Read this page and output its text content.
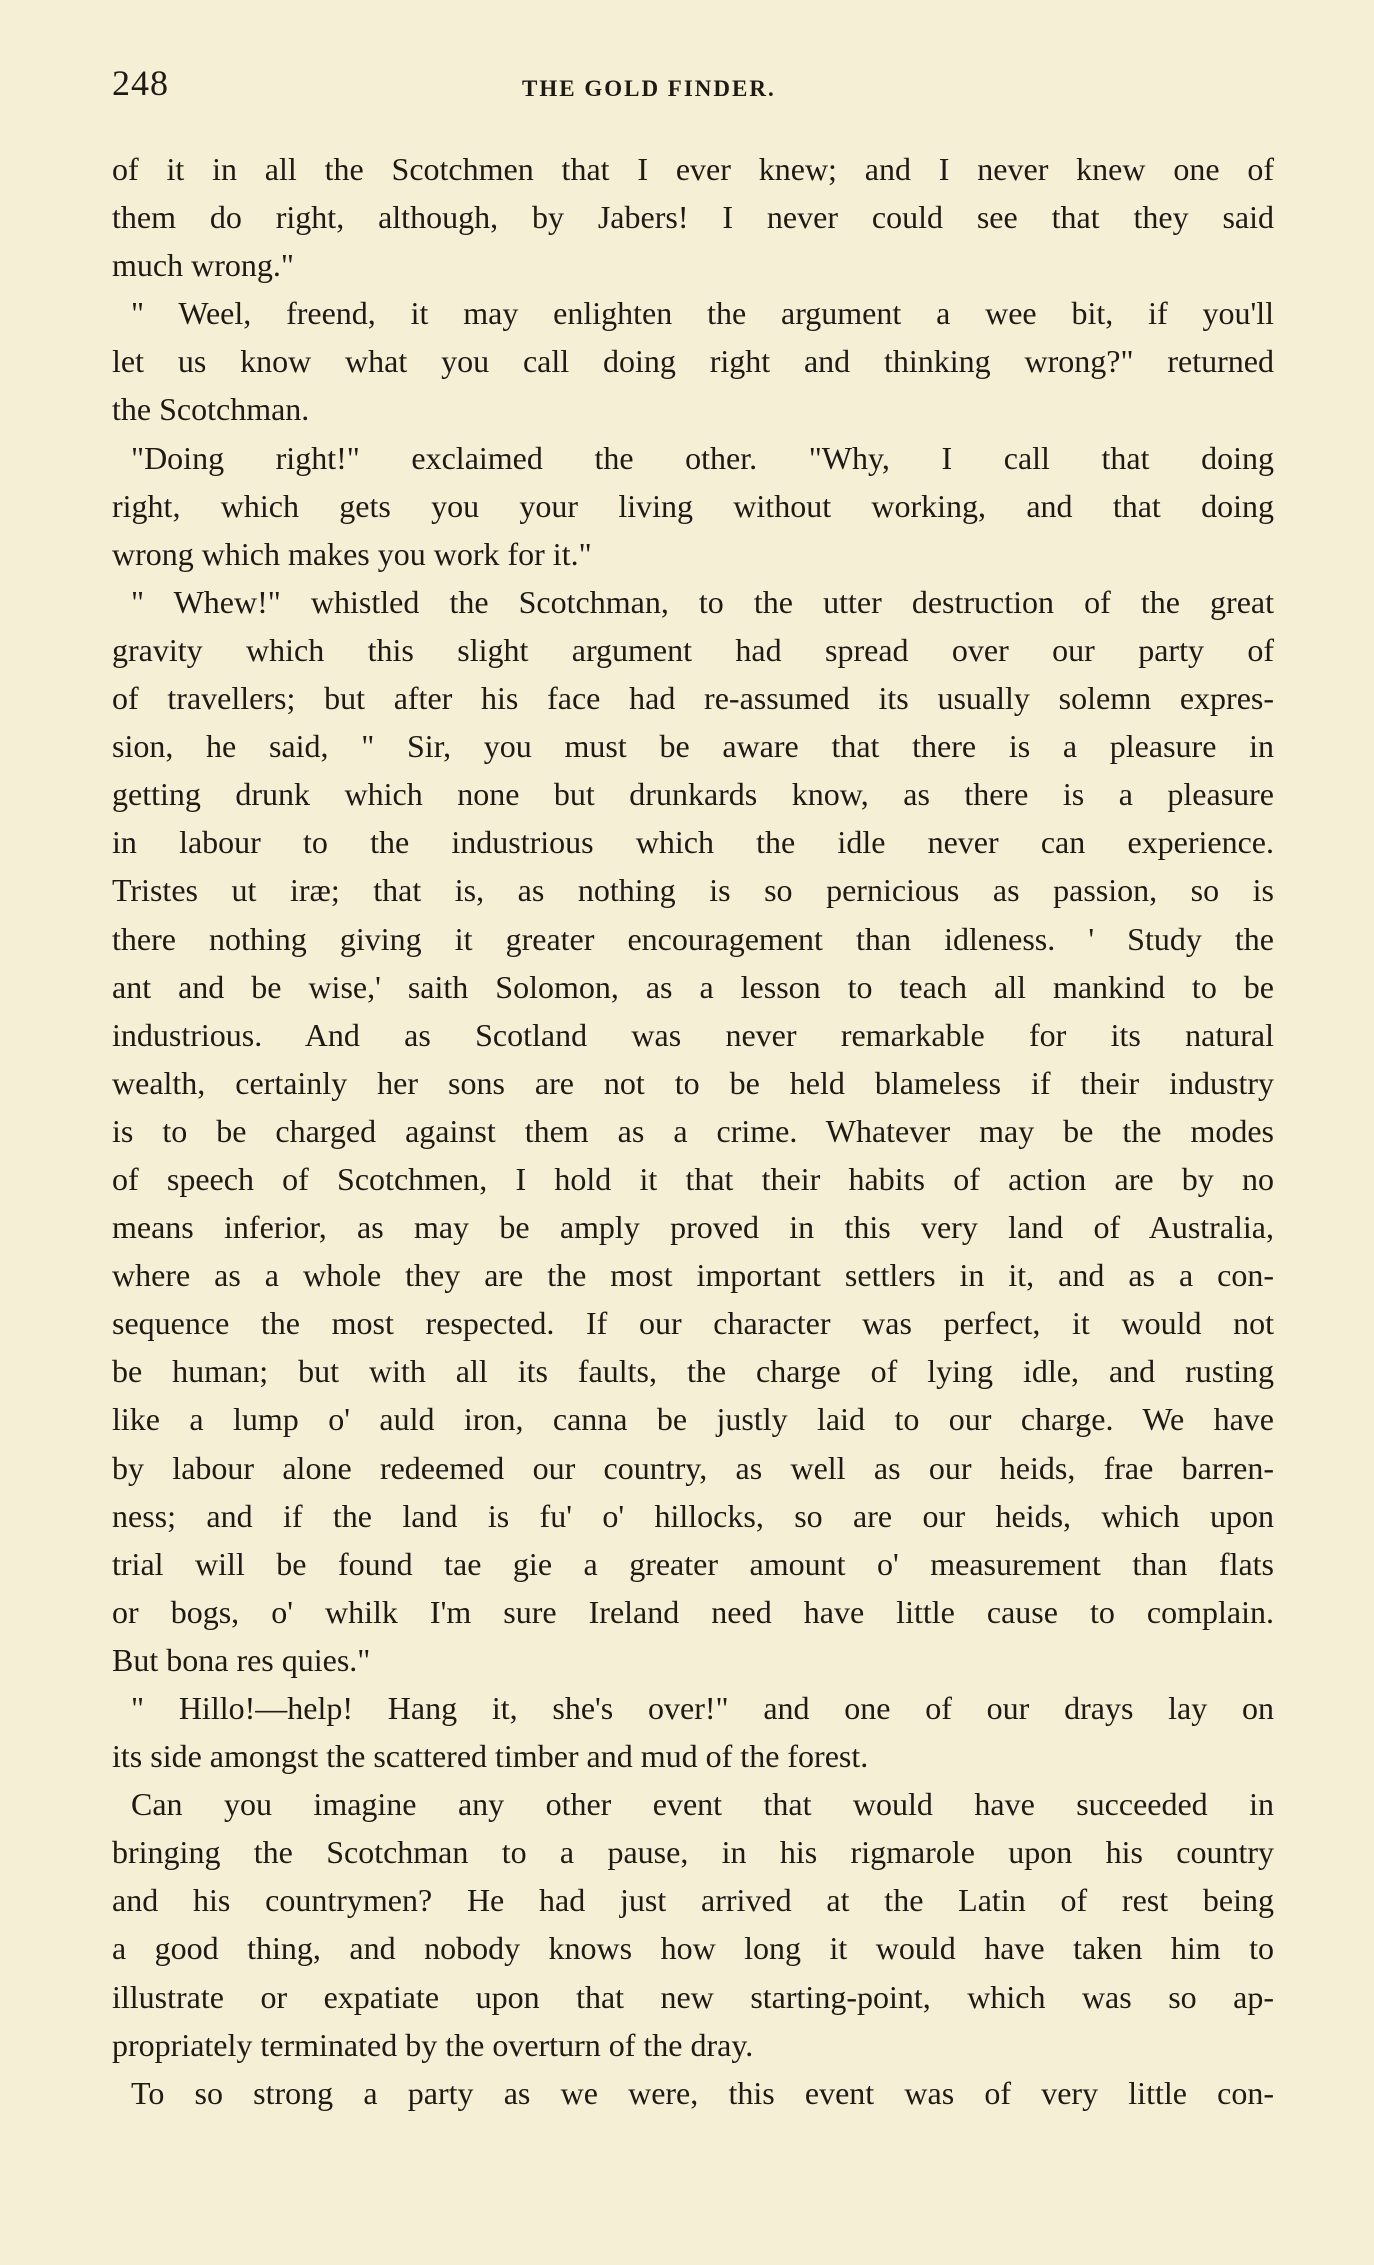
248	THE GOLD FINDER.
of it in all the Scotchmen that I ever knew; and I never knew one of
them do right, although, by Jabers! I never could see that they said
much wrong."
" Weel, freend, it may enlighten the argument a wee bit, if you'll
let us know what you call doing right and thinking wrong?" returned
the Scotchman.
"Doing right!" exclaimed the other. "Why, I call that doing
right, which gets you your living without working, and that doing
wrong which makes you work for it."
" Whew!" whistled the Scotchman, to the utter destruction of the great
gravity which this slight argument had spread over our party of
of travellers; but after his face had re-assumed its usually solemn expres-
sion, he said, " Sir, you must be aware that there is a pleasure in
getting drunk which none but drunkards know, as there is a pleasure
in labour to the industrious which the idle never can experience.
Tristes ut iræ; that is, as nothing is so pernicious as passion, so is
there nothing giving it greater encouragement than idleness. ' Study the
ant and be wise,' saith Solomon, as a lesson to teach all mankind to be
industrious. And as Scotland was never remarkable for its natural
wealth, certainly her sons are not to be held blameless if their industry
is to be charged against them as a crime. Whatever may be the modes
of speech of Scotchmen, I hold it that their habits of action are by no
means inferior, as may be amply proved in this very land of Australia,
where as a whole they are the most important settlers in it, and as a con-
sequence the most respected. If our character was perfect, it would not
be human; but with all its faults, the charge of lying idle, and rusting
like a lump o' auld iron, canna be justly laid to our charge. We have
by labour alone redeemed our country, as well as our heids, frae barren-
ness; and if the land is fu' o' hillocks, so are our heids, which upon
trial will be found tae gie a greater amount o' measurement than flats
or bogs, o' whilk I'm sure Ireland need have little cause to complain.
But bona res quies."
" Hillo!—help! Hang it, she's over!" and one of our drays lay on
its side amongst the scattered timber and mud of the forest.
Can you imagine any other event that would have succeeded in
bringing the Scotchman to a pause, in his rigmarole upon his country
and his countrymen? He had just arrived at the Latin of rest being
a good thing, and nobody knows how long it would have taken him to
illustrate or expatiate upon that new starting-point, which was so ap-
propriately terminated by the overturn of the dray.
To so strong a party as we were, this event was of very little con-
